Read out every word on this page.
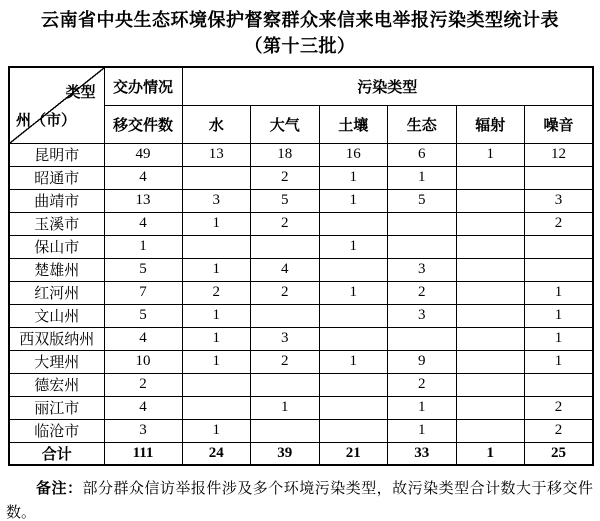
云南省中央生态环境保护督察群众来信来电举报污染类型统计表
（第十三批）
类型
州（市）	交办情况	污染类型					
	移交件数	水	大气	土壤	生态	辐射	噪音
昆明市	49	13	18	16	6	1	12
昭通市	4		2	1	1		
曲靖市	13	3	5	1	5		3
玉溪市	4	1	2				2
保山市	1			1			
楚雄州	5	1	4		3		
红河州	7	2	2	1	2		1
文山州	5	1			3		1
西双版纳州	4	1	3				1
大理州	10	1	2	1	9		1
德宏州	2				2		
丽江市	4		1		1		2
临沧市	3	1			1		2
合计	111	24	39	21	33	1	25

备注：部分群众信访举报件涉及多个环境污染类型，故污染类型合计数大于移交件数。
